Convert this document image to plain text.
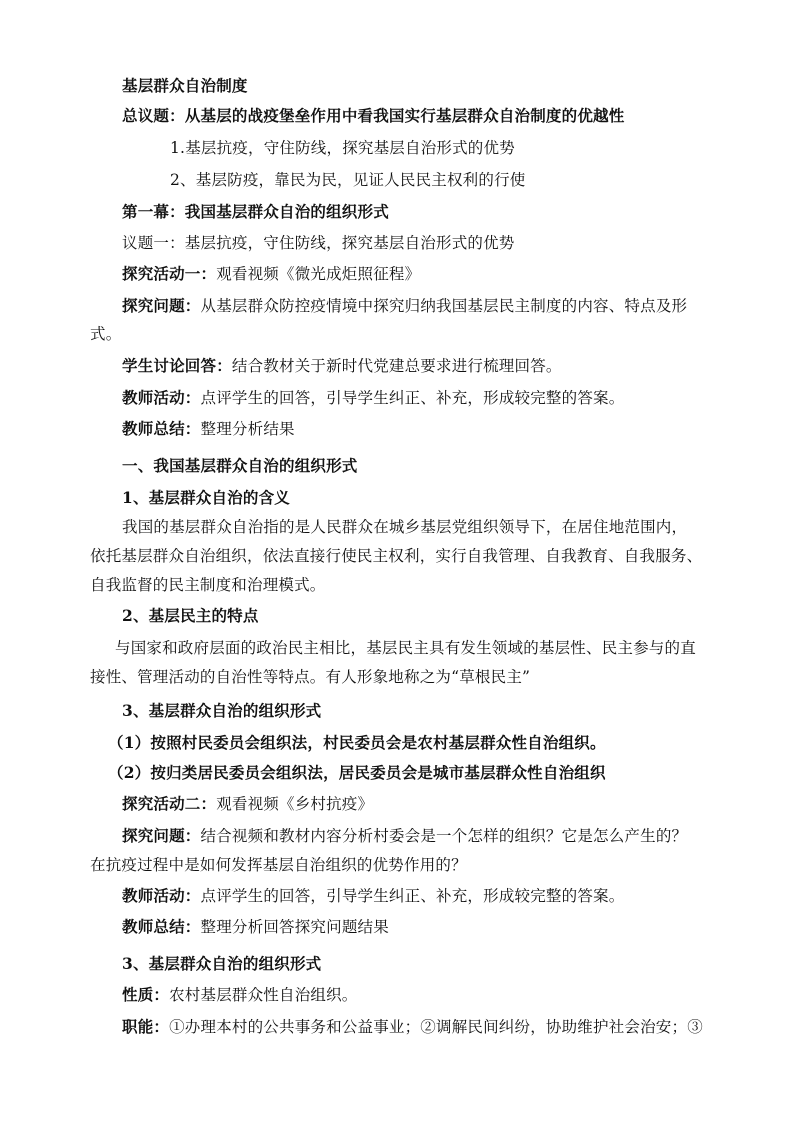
基层群众自治制度
总议题：从基层的战疫堡垒作用中看我国实行基层群众自治制度的优越性
1.基层抗疫，守住防线，探究基层自治形式的优势
2、基层防疫，靠民为民，见证人民民主权利的行使
第一幕：我国基层群众自治的组织形式
议题一：基层抗疫，守住防线，探究基层自治形式的优势
探究活动一：观看视频《微光成炬照征程》
探究问题：从基层群众防控疫情境中探究归纳我国基层民主制度的内容、特点及形
式。
学生讨论回答：结合教材关于新时代党建总要求进行梳理回答。
教师活动：点评学生的回答，引导学生纠正、补充，形成较完整的答案。
教师总结：整理分析结果
一、我国基层群众自治的组织形式
1、基层群众自治的含义
我国的基层群众自治指的是人民群众在城乡基层党组织领导下，在居住地范围内，
依托基层群众自治组织，依法直接行使民主权利，实行自我管理、自我教育、自我服务、
自我监督的民主制度和治理模式。
2、基层民主的特点
与国家和政府层面的政治民主相比，基层民主具有发生领域的基层性、民主参与的直
接性、管理活动的自治性等特点。有人形象地称之为“草根民主”
3、基层群众自治的组织形式
（1）按照村民委员会组织法，村民委员会是农村基层群众性自治组织。
（2）按归类居民委员会组织法，居民委员会是城市基层群众性自治组织
探究活动二：观看视频《乡村抗疫》
探究问题：结合视频和教材内容分析村委会是一个怎样的组织？它是怎么产生的？
在抗疫过程中是如何发挥基层自治组织的优势作用的？
教师活动：点评学生的回答，引导学生纠正、补充，形成较完整的答案。
教师总结：整理分析回答探究问题结果
3、基层群众自治的组织形式
性质：农村基层群众性自治组织。
职能：①办理本村的公共事务和公益事业；②调解民间纠纷，协助维护社会治安；③
